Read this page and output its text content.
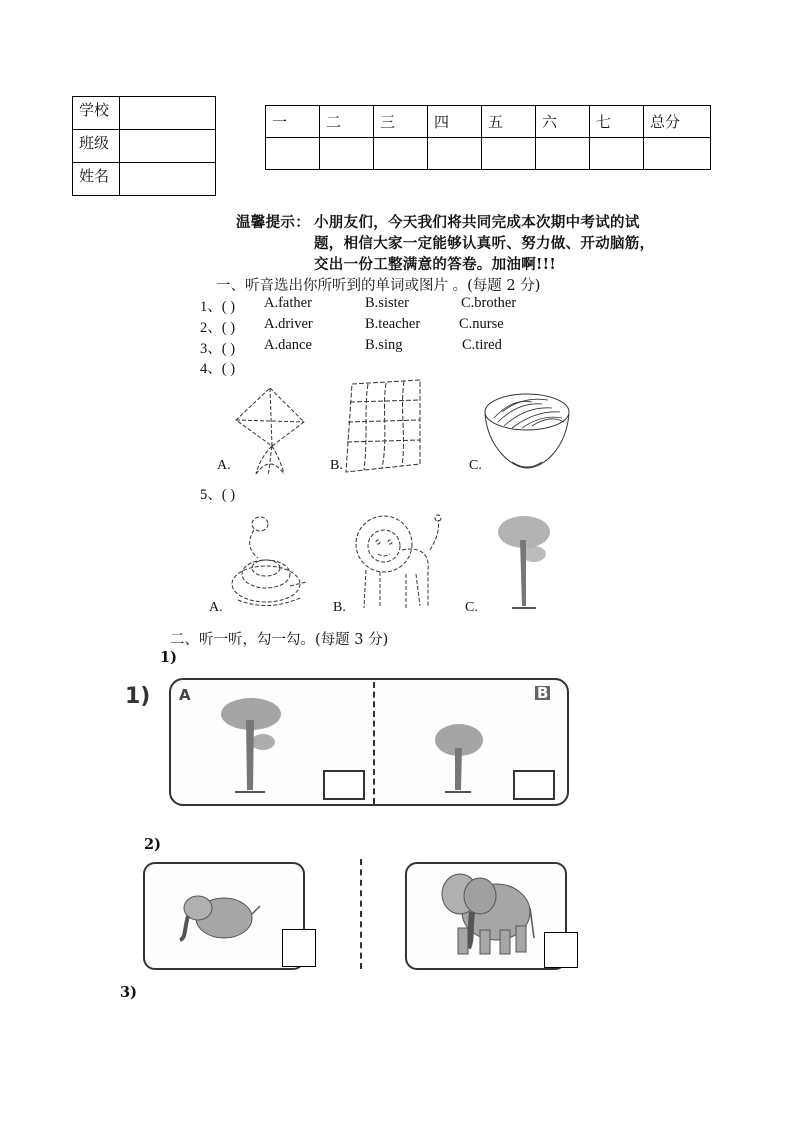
学校	
班级	
姓名	
一	二	三	四	五	六	七	总分

温馨提示： 小朋友们，今天我们将共同完成本次期中考试的试
题，相信大家一定能够认真听、努力做、开动脑筋，
交出一份工整满意的答卷。加油啊!!!
一、听音选出你所听到的单词或图片 。(每题 2 分)
1、( ) A.father	B.sister	C.brother
2、( ) A.driver	B.teacher	C.nurse
3、( ) A.dance	B.sing	C.tired
4、( )
A.	B.	C.
5、( )
A.	B.	C.
二、听一听，勾一勾。(每题 3 分)
1)
1) A	B
2)
3)
